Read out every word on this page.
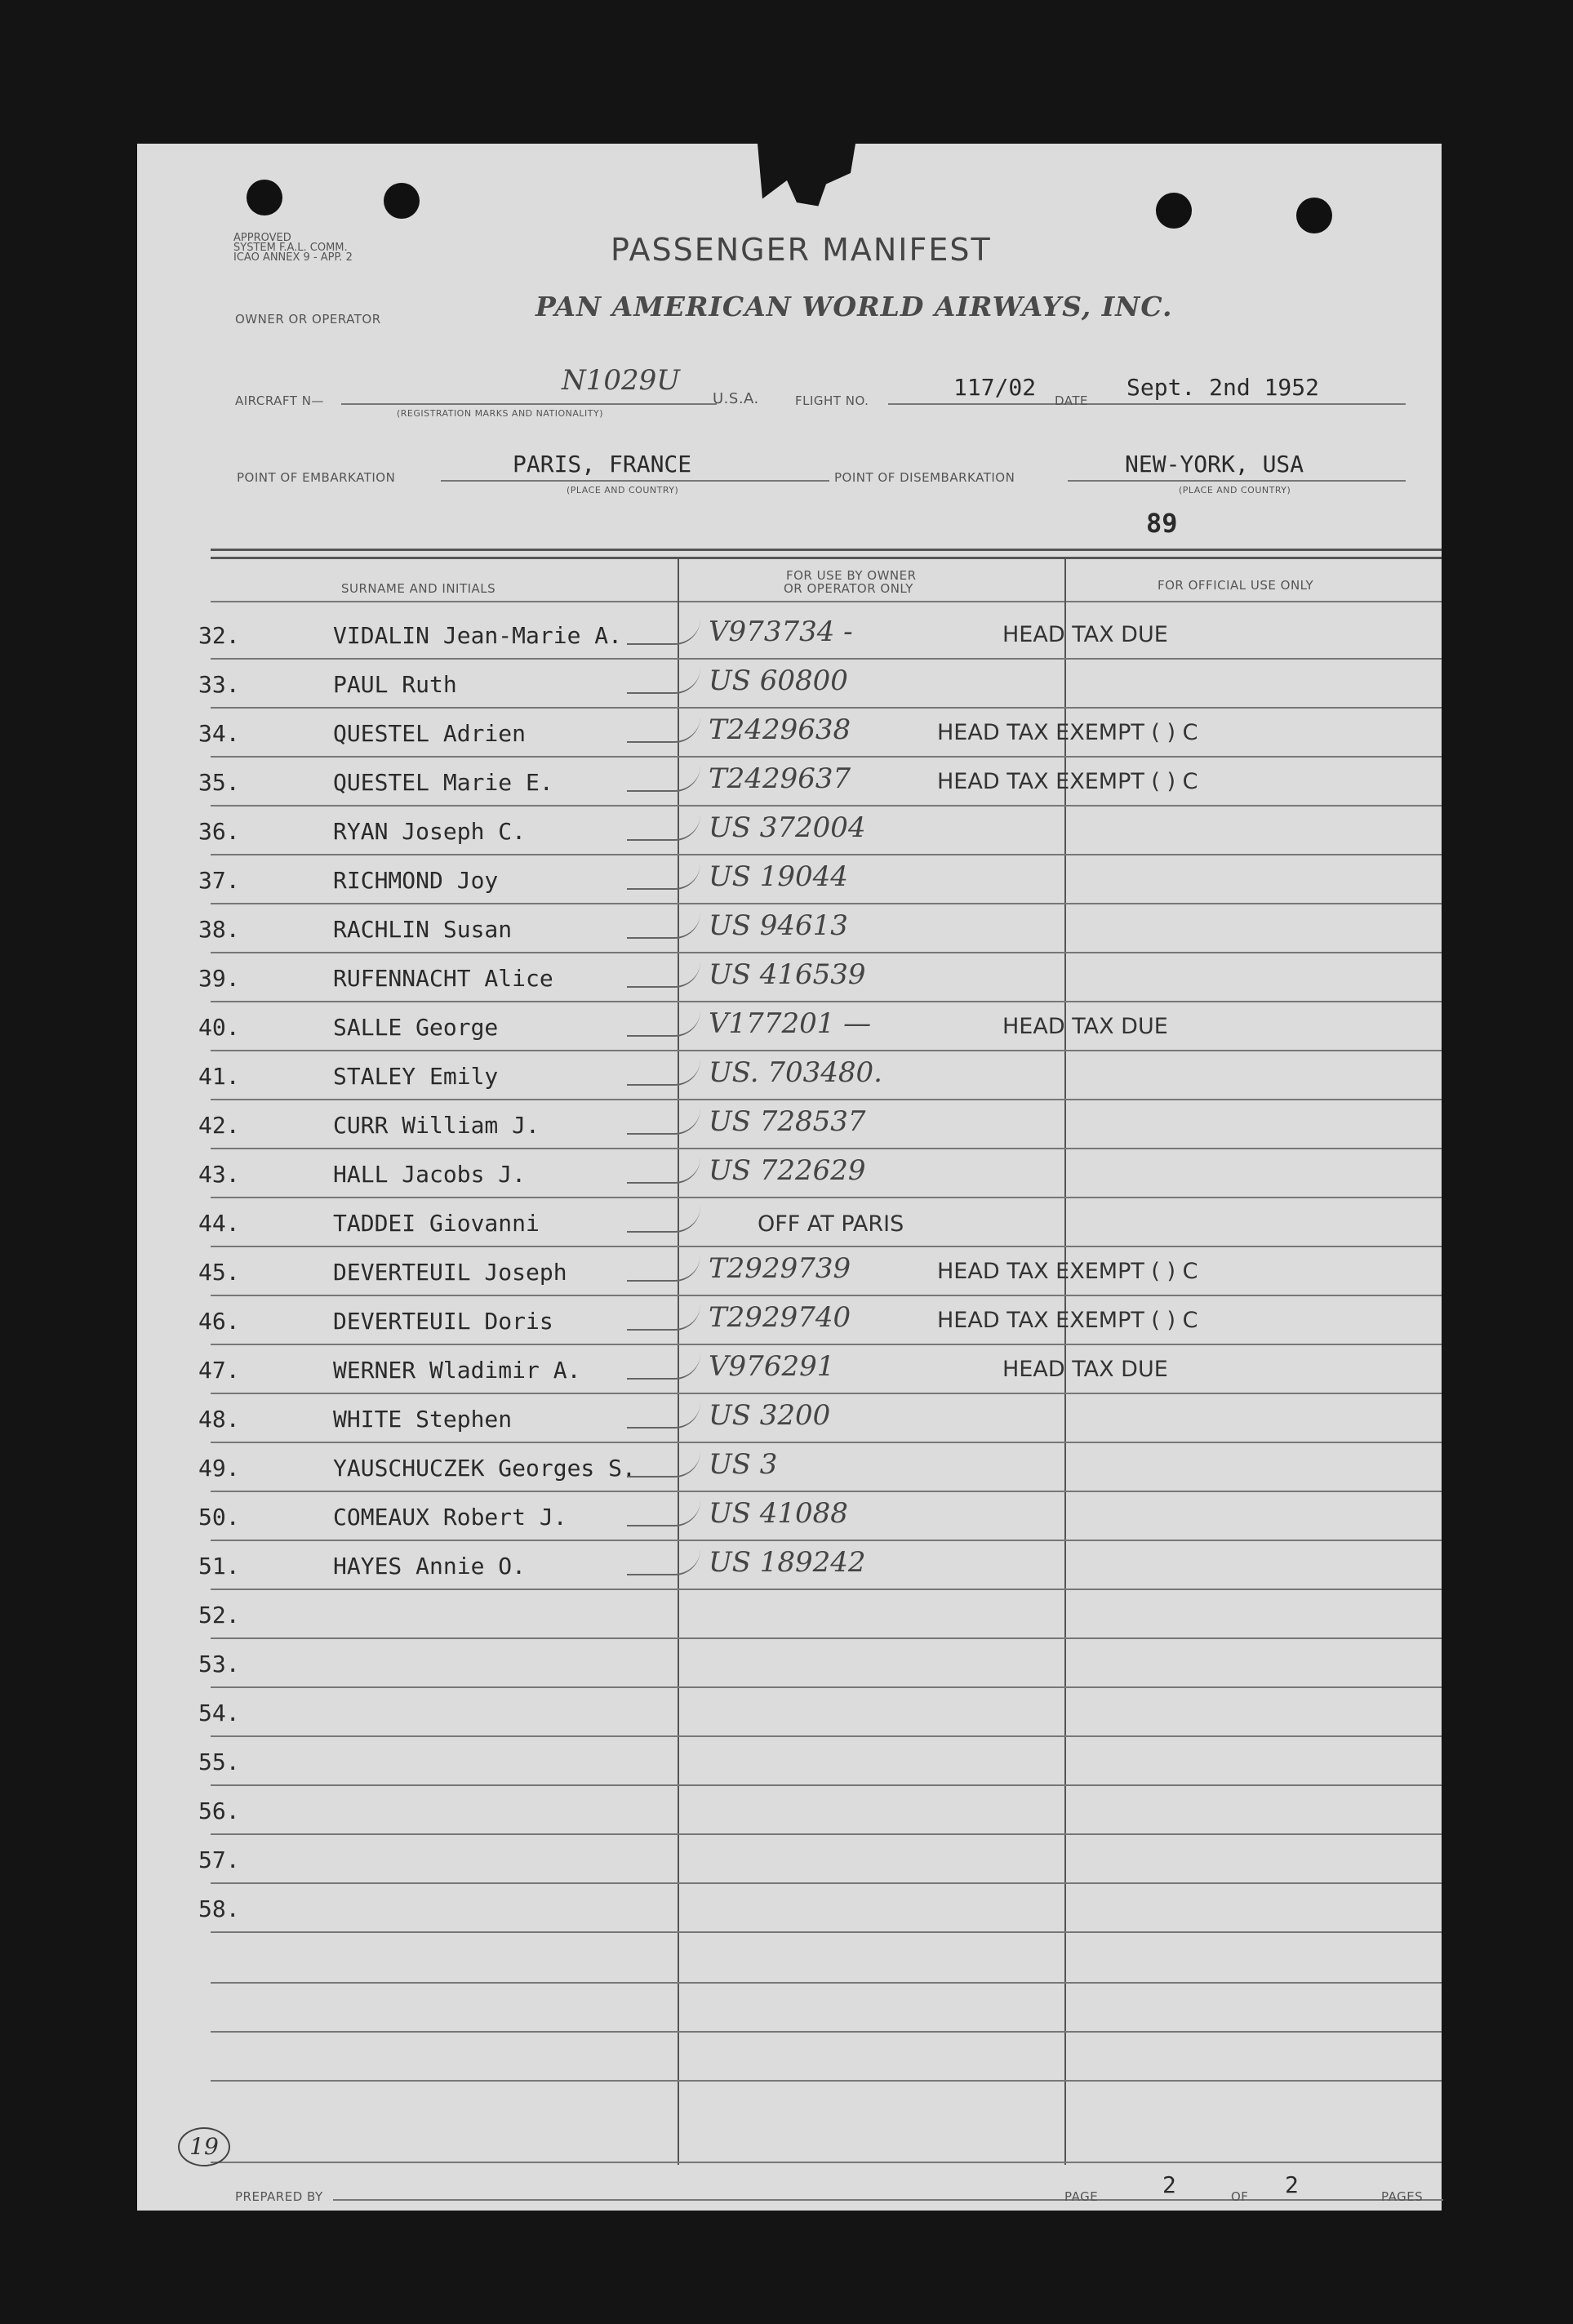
APPROVED
SYSTEM F.A.L. COMM.
ICAO ANNEX 9 - APP. 2	PASSENGER MANIFEST
OWNER OR OPERATOR	PAN AMERICAN WORLD AIRWAYS, INC.
AIRCRAFT N—
N1029U
(REGISTRATION MARKS AND NATIONALITY)
U.S.A.	FLIGHT NO.	117/02 DATE Sept. 2nd 1952
POINT OF EMBARKATION	PARIS, FRANCE
(PLACE AND COUNTRY)
POINT OF DISEMBARKATION	NEW-YORK, USA
(PLACE AND COUNTRY)
89
SURNAME AND INITIALS
FOR USE BY OWNER
OR OPERATOR ONLY	FOR OFFICIAL USE ONLY
32.	VIDALIN Jean-Marie A.	V973734 -	HEAD TAX DUE
33.	PAUL Ruth	US 60800
34.	QUESTEL Adrien	T2429638	HEAD TAX EXEMPT ( ) C
35.	QUESTEL Marie E.	T2429637	HEAD TAX EXEMPT ( ) C
36.	RYAN Joseph C.	US 372004
37.	RICHMOND Joy	US 19044
38.	RACHLIN Susan	US 94613
39.	RUFENNACHT Alice	US 416539
40.	SALLE George	V177201 —	HEAD TAX DUE
41.	STALEY Emily	US. 703480.
42.	CURR William J.	US 728537
43.	HALL Jacobs J.	US 722629
44.	TADDEI Giovanni	OFF AT PARIS
45.	DEVERTEUIL Joseph	T2929739	HEAD TAX EXEMPT ( ) C
46.	DEVERTEUIL Doris	T2929740	HEAD TAX EXEMPT ( ) C
47.	WERNER Wladimir A.	V976291	HEAD TAX DUE
48.	WHITE Stephen	US 3200
49.	YAUSCHUCZEK Georges S.	US 3
50.	COMEAUX Robert J.	US 41088
51.	HAYES Annie O.	US 189242
52.
53.
54.
55.
56.
57.
58.
19
PREPARED BY	PAGE	2	OF 2	PAGES
